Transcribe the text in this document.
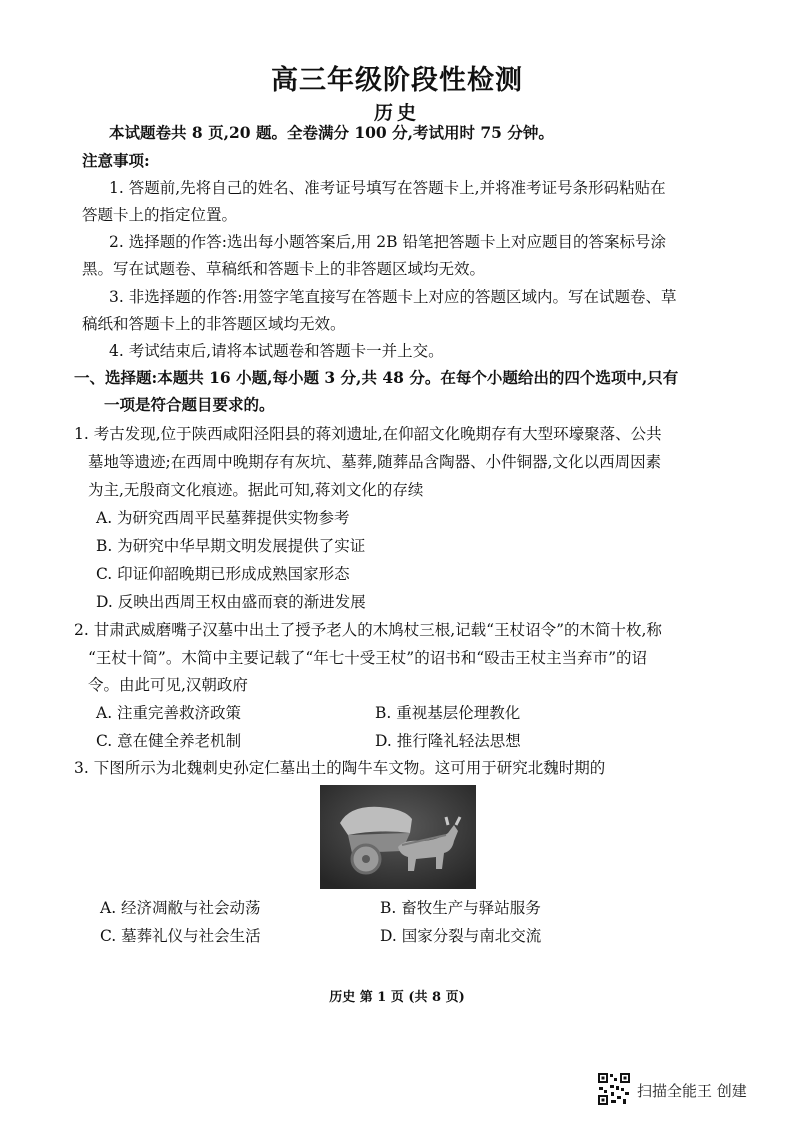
高三年级阶段性检测
历史
本试题卷共 8 页,20 题。全卷满分 100 分,考试用时 75 分钟。
注意事项:
1. 答题前,先将自己的姓名、准考证号填写在答题卡上,并将准考证号条形码粘贴在
答题卡上的指定位置。
2. 选择题的作答:选出每小题答案后,用 2B 铅笔把答题卡上对应题目的答案标号涂
黑。写在试题卷、草稿纸和答题卡上的非答题区域均无效。
3. 非选择题的作答:用签字笔直接写在答题卡上对应的答题区域内。写在试题卷、草
稿纸和答题卡上的非答题区域均无效。
4. 考试结束后,请将本试题卷和答题卡一并上交。
一、选择题:本题共 16 小题,每小题 3 分,共 48 分。在每个小题给出的四个选项中,只有
一项是符合题目要求的。
1. 考古发现,位于陕西咸阳泾阳县的蒋刘遗址,在仰韶文化晚期存有大型环壕聚落、公共
墓地等遗迹;在西周中晚期存有灰坑、墓葬,随葬品含陶器、小件铜器,文化以西周因素
为主,无殷商文化痕迹。据此可知,蒋刘文化的存续
A. 为研究西周平民墓葬提供实物参考
B. 为研究中华早期文明发展提供了实证
C. 印证仰韶晚期已形成成熟国家形态
D. 反映出西周王权由盛而衰的渐进发展
2. 甘肃武威磨嘴子汉墓中出土了授予老人的木鸠杖三根,记载“王杖诏令”的木简十枚,称
“王杖十简”。木简中主要记载了“年七十受王杖”的诏书和“殴击王杖主当弃市”的诏
令。由此可见,汉朝政府
A. 注重完善救济政策	B. 重视基层伦理教化
C. 意在健全养老机制	D. 推行隆礼轻法思想
3. 下图所示为北魏刺史孙定仁墓出土的陶牛车文物。这可用于研究北魏时期的
A. 经济凋敝与社会动荡	B. 畜牧生产与驿站服务
C. 墓葬礼仪与社会生活	D. 国家分裂与南北交流
历史 第 1 页 (共 8 页)
扫描全能王 创建
